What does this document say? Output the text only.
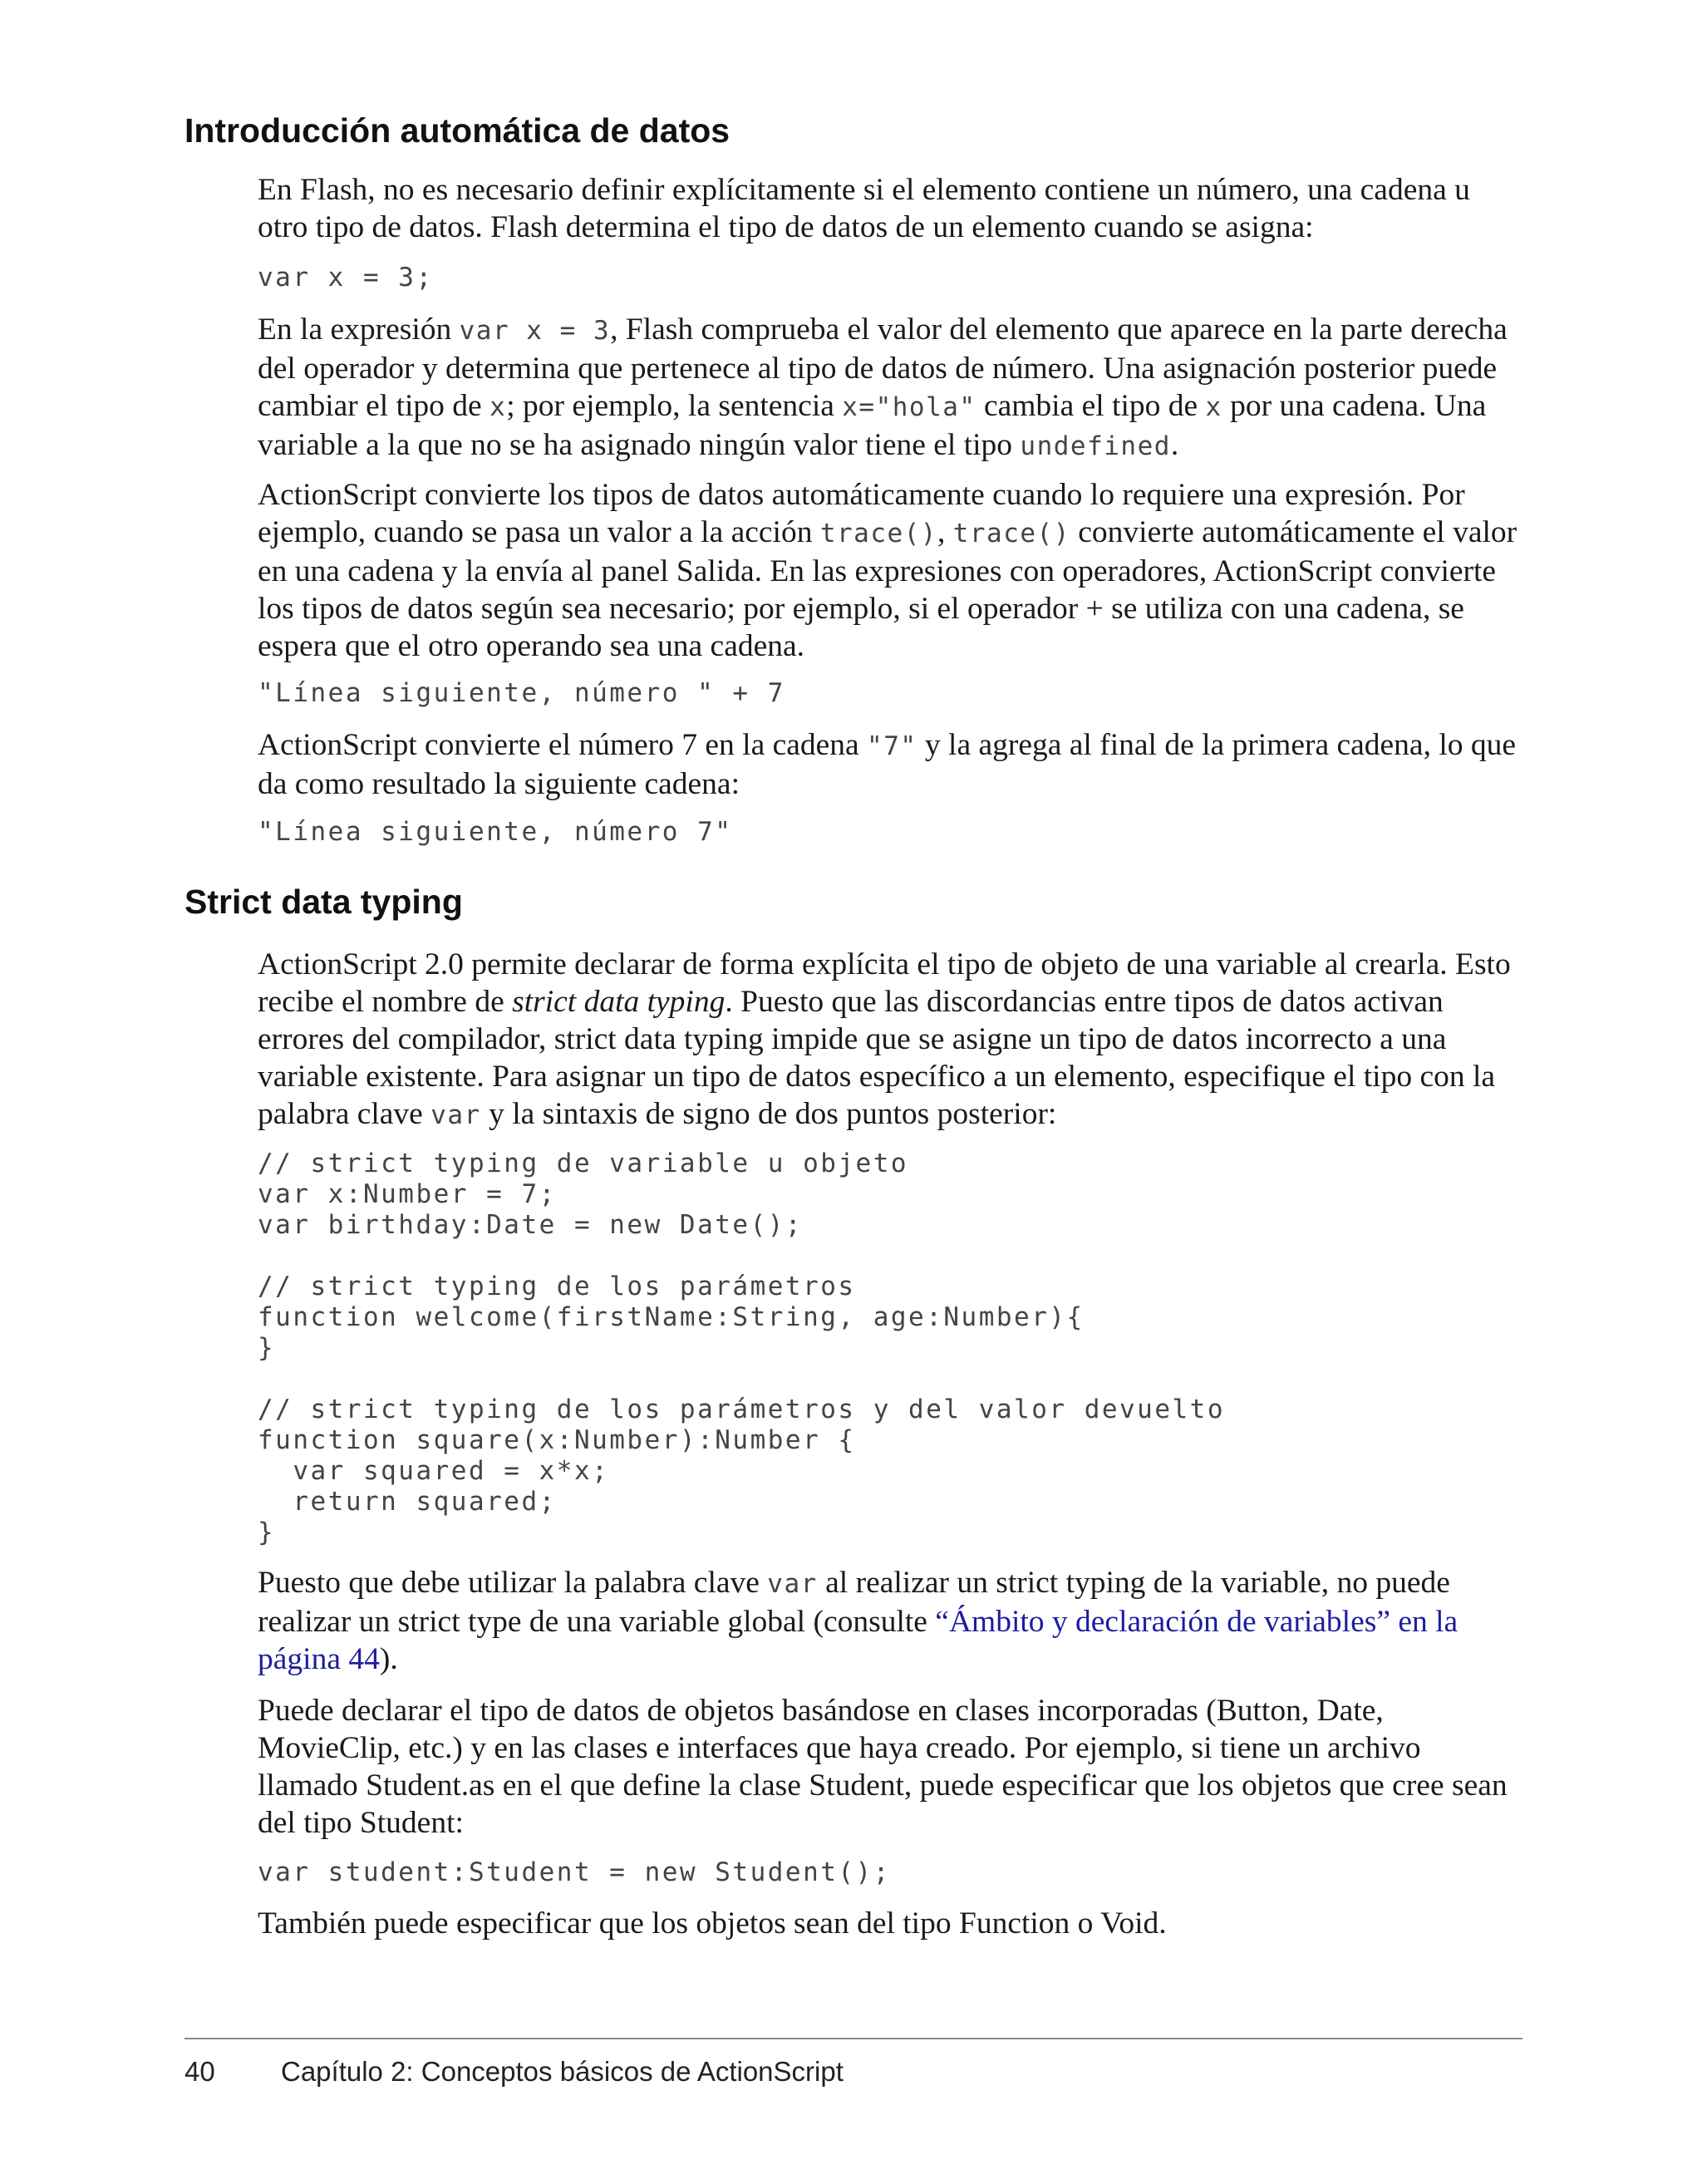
Introducción automática de datos

En Flash, no es necesario definir explícitamente si el elemento contiene un número, una cadena u otro tipo de datos. Flash determina el tipo de datos de un elemento cuando se asigna:

var x = 3;

En la expresión var x = 3, Flash comprueba el valor del elemento que aparece en la parte derecha del operador y determina que pertenece al tipo de datos de número. Una asignación posterior puede cambiar el tipo de x; por ejemplo, la sentencia x="hola" cambia el tipo de x por una cadena. Una variable a la que no se ha asignado ningún valor tiene el tipo undefined.

ActionScript convierte los tipos de datos automáticamente cuando lo requiere una expresión. Por ejemplo, cuando se pasa un valor a la acción trace(), trace() convierte automáticamente el valor en una cadena y la envía al panel Salida. En las expresiones con operadores, ActionScript convierte los tipos de datos según sea necesario; por ejemplo, si el operador + se utiliza con una cadena, se espera que el otro operando sea una cadena.

"Línea siguiente, número " + 7

ActionScript convierte el número 7 en la cadena "7" y la agrega al final de la primera cadena, lo que da como resultado la siguiente cadena:

"Línea siguiente, número 7"
Strict data typing

ActionScript 2.0 permite declarar de forma explícita el tipo de objeto de una variable al crearla. Esto recibe el nombre de strict data typing. Puesto que las discordancias entre tipos de datos activan errores del compilador, strict data typing impide que se asigne un tipo de datos incorrecto a una variable existente. Para asignar un tipo de datos específico a un elemento, especifique el tipo con la palabra clave var y la sintaxis de signo de dos puntos posterior:

// strict typing de variable u objeto
var x:Number = 7;
var birthday:Date = new Date();

// strict typing de los parámetros
function welcome(firstName:String, age:Number){
}

// strict typing de los parámetros y del valor devuelto
function square(x:Number):Number {
var squared = x*x;
return squared;
}

Puesto que debe utilizar la palabra clave var al realizar un strict typing de la variable, no puede realizar un strict type de una variable global (consulte “Ámbito y declaración de variables” en la página 44).

Puede declarar el tipo de datos de objetos basándose en clases incorporadas (Button, Date, MovieClip, etc.) y en las clases e interfaces que haya creado. Por ejemplo, si tiene un archivo llamado Student.as en el que define la clase Student, puede especificar que los objetos que cree sean del tipo Student:

var student:Student = new Student();

También puede especificar que los objetos sean del tipo Function o Void.

40 Capítulo 2: Conceptos básicos de ActionScript
